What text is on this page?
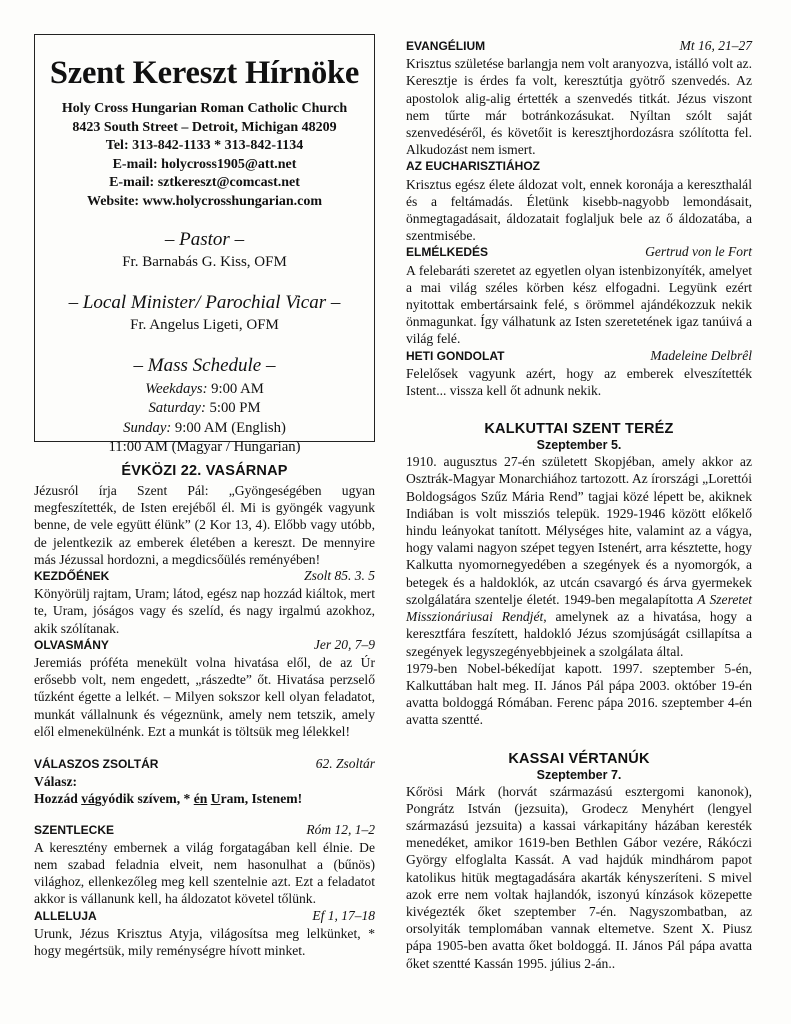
Szent Kereszt Hírnöke
Holy Cross Hungarian Roman Catholic Church
8423 South Street – Detroit, Michigan 48209
Tel: 313-842-1133 * 313-842-1134
E-mail: holycross1905@att.net
E-mail: sztkereszt@comcast.net
Website: www.holycrosshungarian.com
– Pastor –
Fr. Barnabás G. Kiss, OFM
– Local Minister/ Parochial Vicar –
Fr. Angelus Ligeti, OFM
– Mass Schedule –
Weekdays: 9:00 AM
Saturday: 5:00 PM
Sunday: 9:00 AM (English)
11:00 AM (Magyar / Hungarian)
ÉVKÖZI 22. VASÁRNAP

Jézusról írja Szent Pál: „Gyöngeségében ugyan megfeszítették, de Isten erejéből él. Mi is gyöngék vagyunk benne, de vele együtt élünk” (2 Kor 13, 4). Előbb vagy utóbb, de jelentkezik az emberek életében a kereszt. De mennyire más Jézussal hordozni, a megdicsőülés reményében!

KEZDŐÉNEK	Zsolt 85. 3. 5

Könyörülj rajtam, Uram; látod, egész nap hozzád kiáltok, mert te, Uram, jóságos vagy és szelíd, és nagy irgalmú azokhoz, akik szólítanak.

OLVASMÁNY	Jer 20, 7–9

Jeremiás próféta menekült volna hivatása elől, de az Úr erősebb volt, nem engedett, „rászedte” őt. Hivatása perzselő tűzként égette a lelkét. – Milyen sokszor kell olyan feladatot, munkát vállalnunk és végeznünk, amely nem tetszik, amely elől elmenekülnénk. Ezt a munkát is töltsük meg lélekkel!

VÁLASZOS ZSOLTÁR	62. Zsoltár
Válasz:
Hozzád vágyódik szívem, * én Uram, Istenem!
SZENTLECKE	Róm 12, 1–2

A keresztény embernek a világ forgatagában kell élnie. De nem szabad feladnia elveit, nem hasonulhat a (bűnös) világhoz, ellenkezőleg meg kell szentelnie azt. Ezt a feladatot akkor is vállanunk kell, ha áldozatot követel tőlünk.

ALLELUJA	Ef 1, 17–18

Urunk, Jézus Krisztus Atyja, világosítsa meg lelkünket, * hogy megértsük, mily reménységre hívott minket.

EVANGÉLIUM	Mt 16, 21–27

Krisztus születése barlangja nem volt aranyozva, istálló volt az. Keresztje is érdes fa volt, keresztútja gyötrő szenvedés. Az apostolok alig-alig értették a szenvedés titkát. Jézus viszont nem tűrte már botránkozásukat. Nyíltan szólt saját szenvedéséről, és követőit is keresztjhordozásra szólította fel. Alkudozást nem ismert.

AZ EUCHARISZTIÁHOZ

Krisztus egész élete áldozat volt, ennek koronája a kereszthalál és a feltámadás. Életünk kisebb-nagyobb lemondásait, önmegtagadásait, áldozatait foglaljuk bele az ő áldozatába, a szentmisébe.

ELMÉLKEDÉS	Gertrud von le Fort

A felebaráti szeretet az egyetlen olyan istenbizonyíték, amelyet a mai világ széles körben kész elfogadni. Legyünk ezért nyitottak embertársaink felé, s örömmel ajándékozzuk nekik önmagunkat. Így válhatunk az Isten szeretetének igaz tanúivá a világ felé.

HETI GONDOLAT	Madeleine Delbrêl

Felelősek vagyunk azért, hogy az emberek elveszítették Istent... vissza kell őt adnunk nekik.

KALKUTTAI SZENT TERÉZ
Szeptember 5.

1910. augusztus 27-én született Skopjéban, amely akkor az Osztrák-Magyar Monarchiához tartozott. Az írországi „Lorettói Boldogságos Szűz Mária Rend” tagjai közé lépett be, akiknek Indiában is volt missziós telepük. 1929-1946 között előkelő hindu leányokat tanított. Mélységes hite, valamint az a vágya, hogy valami nagyon szépet tegyen Istenért, arra késztette, hogy Kalkutta nyomornegyedében a szegények és a nyomorgók, a betegek és a haldoklók, az utcán csavargó és árva gyermekek szolgálatára szentelje életét. 1949-ben megalapította A Szeretet Misszionáriusai Rendjét, amelynek az a hivatása, hogy a keresztfára feszített, haldokló Jézus szomjúságát csillapítsa a szegények legyszegényebbjeinek a szolgálata által.

1979-ben Nobel-békedíjat kapott. 1997. szeptember 5-én, Kalkuttában halt meg. II. János Pál pápa 2003. október 19-én avatta boldoggá Rómában. Ferenc pápa 2016. szeptember 4-én avatta szentté.

KASSAI VÉRTANÚK
Szeptember 7.

Kőrösi Márk (horvát származású esztergomi kanonok), Pongrátz István (jezsuita), Grodecz Menyhért (lengyel származású jezsuita) a kassai várkapitány házában keresték menedéket, amikor 1619-ben Bethlen Gábor vezére, Rákóczi György elfoglalta Kassát. A vad hajdúk mindhárom papot katolikus hitük megtagadására akarták kényszeríteni. S mivel azok erre nem voltak hajlandók, iszonyú kínzások közepette kivégezték őket szeptember 7-én. Nagyszombatban, az orsolyiták templomában vannak eltemetve. Szent X. Piusz pápa 1905-ben avatta őket boldoggá. II. János Pál pápa avatta őket szentté Kassán 1995. július 2-án..
